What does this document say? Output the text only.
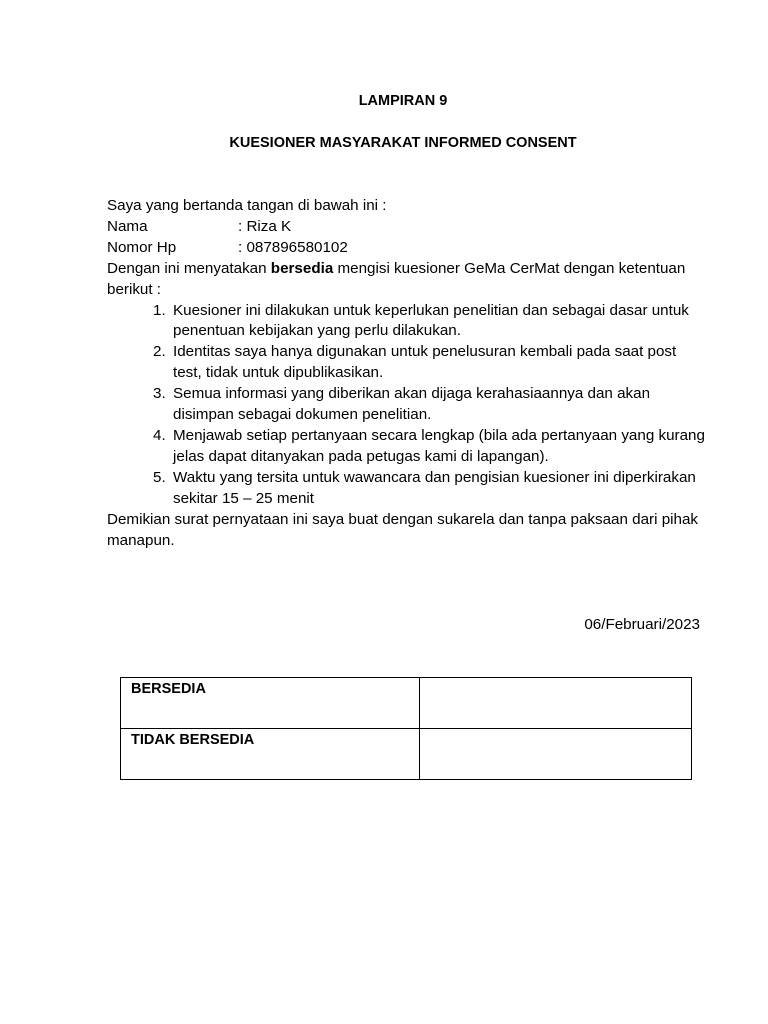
LAMPIRAN 9
KUESIONER MASYARAKAT INFORMED CONSENT

Saya yang bertanda tangan di bawah ini :

Nama	: Riza K
Nomor Hp	: 087896580102

Dengan ini menyatakan bersedia mengisi kuesioner GeMa CerMat dengan ketentuan berikut :

1. Kuesioner ini dilakukan untuk keperlukan penelitian dan sebagai dasar untuk penentuan kebijakan yang perlu dilakukan.
2. Identitas saya hanya digunakan untuk penelusuran kembali pada saat post test, tidak untuk dipublikasikan.
3. Semua informasi yang diberikan akan dijaga kerahasiaannya dan akan disimpan sebagai dokumen penelitian.
4. Menjawab setiap pertanyaan secara lengkap (bila ada pertanyaan yang kurang jelas dapat ditanyakan pada petugas kami di lapangan).
5. Waktu yang tersita untuk wawancara dan pengisian kuesioner ini diperkirakan sekitar 15 – 25 menit

Demikian surat pernyataan ini saya buat dengan sukarela dan tanpa paksaan dari pihak manapun.

06/Februari/2023
BERSEDIA	
TIDAK BERSEDIA	
